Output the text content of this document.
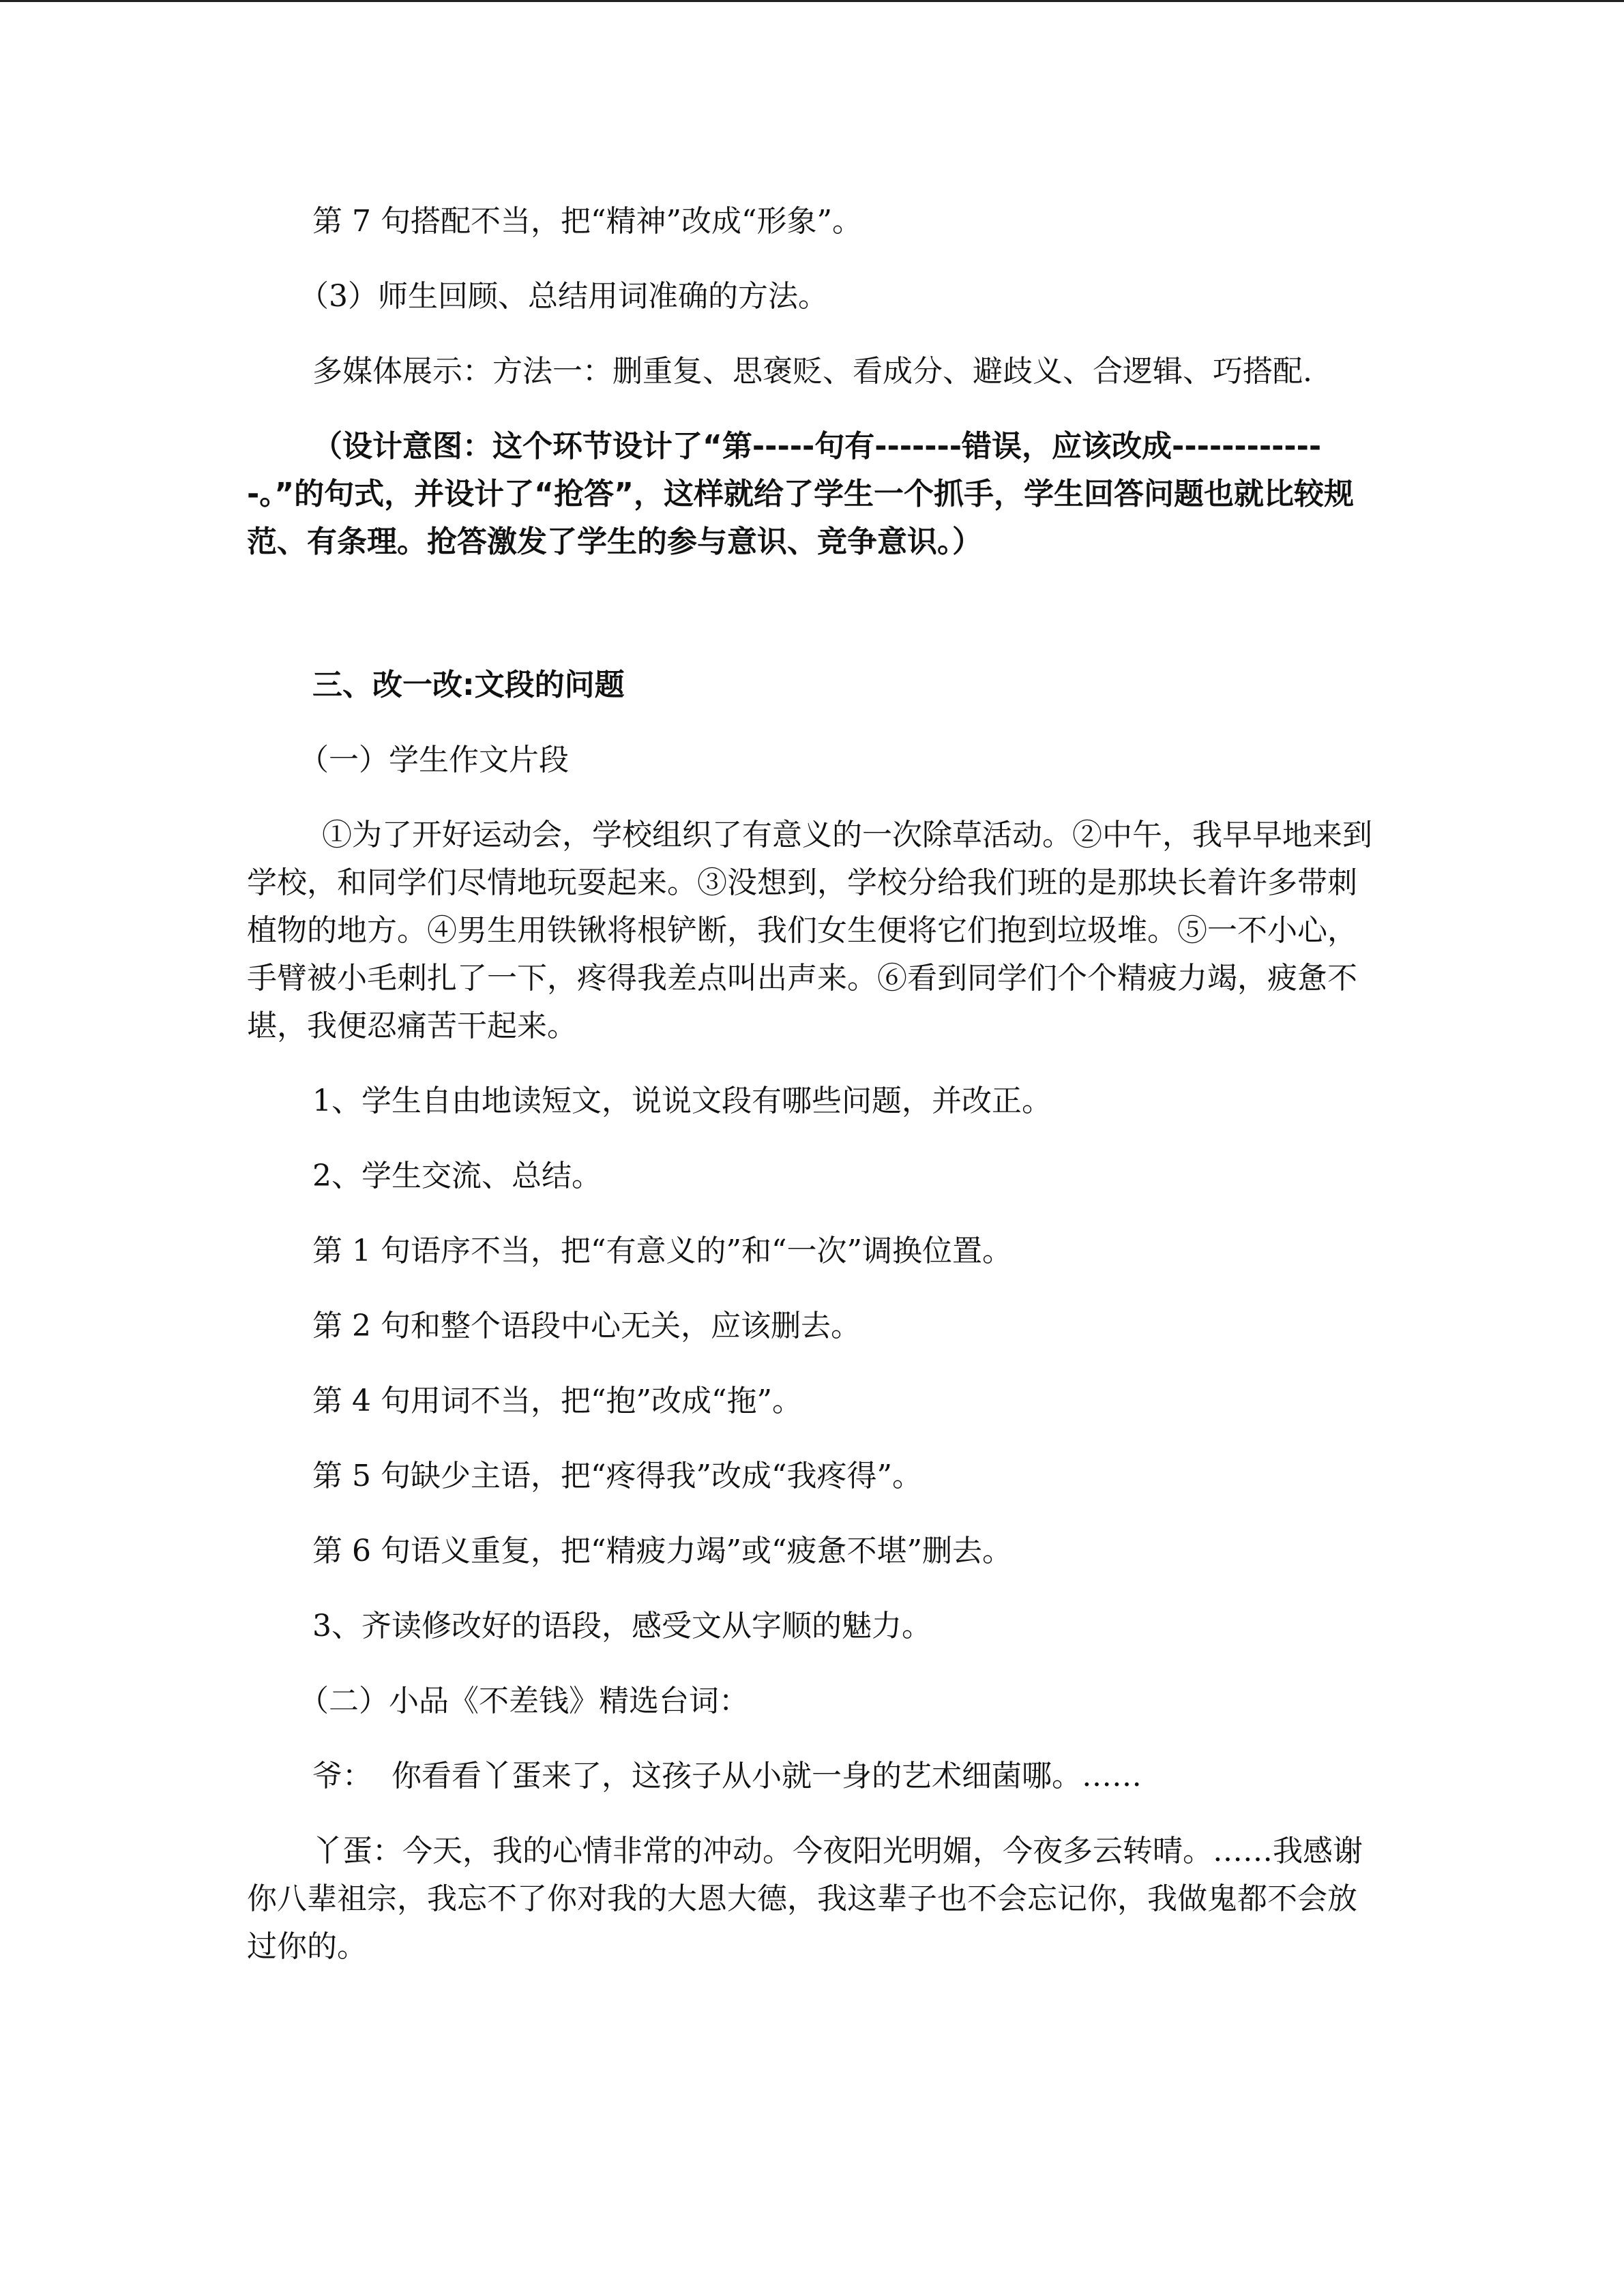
第 7 句搭配不当，把“精神”改成“形象”。

（3）师生回顾、总结用词准确的方法。

多媒体展示：方法一：删重复、思褒贬、看成分、避歧义、合逻辑、巧搭配.

（设计意图：这个环节设计了“第-----句有-------错误，应该改成-------------。”的句式，并设计了“抢答”，这样就给了学生一个抓手，学生回答问题也就比较规范、有条理。抢答激发了学生的参与意识、竞争意识。）

三、改一改:文段的问题

（一）学生作文片段

①为了开好运动会，学校组织了有意义的一次除草活动。②中午，我早早地来到学校，和同学们尽情地玩耍起来。③没想到，学校分给我们班的是那块长着许多带刺植物的地方。④男生用铁锹将根铲断，我们女生便将它们抱到垃圾堆。⑤一不小心，手臂被小毛刺扎了一下，疼得我差点叫出声来。⑥看到同学们个个精疲力竭，疲惫不堪，我便忍痛苦干起来。

1、学生自由地读短文，说说文段有哪些问题，并改正。

2、学生交流、总结。

第 1 句语序不当，把“有意义的”和“一次”调换位置。

第 2 句和整个语段中心无关，应该删去。

第 4 句用词不当，把“抱”改成“拖”。

第 5 句缺少主语，把“疼得我”改成“我疼得”。

第 6 句语义重复，把“精疲力竭”或“疲惫不堪”删去。

3、齐读修改好的语段，感受文从字顺的魅力。

（二）小品《不差钱》精选台词：

爷：  你看看丫蛋来了，这孩子从小就一身的艺术细菌哪。……

丫蛋：今天，我的心情非常的冲动。今夜阳光明媚，今夜多云转晴。……我感谢你八辈祖宗，我忘不了你对我的大恩大德，我这辈子也不会忘记你，我做鬼都不会放过你的。
